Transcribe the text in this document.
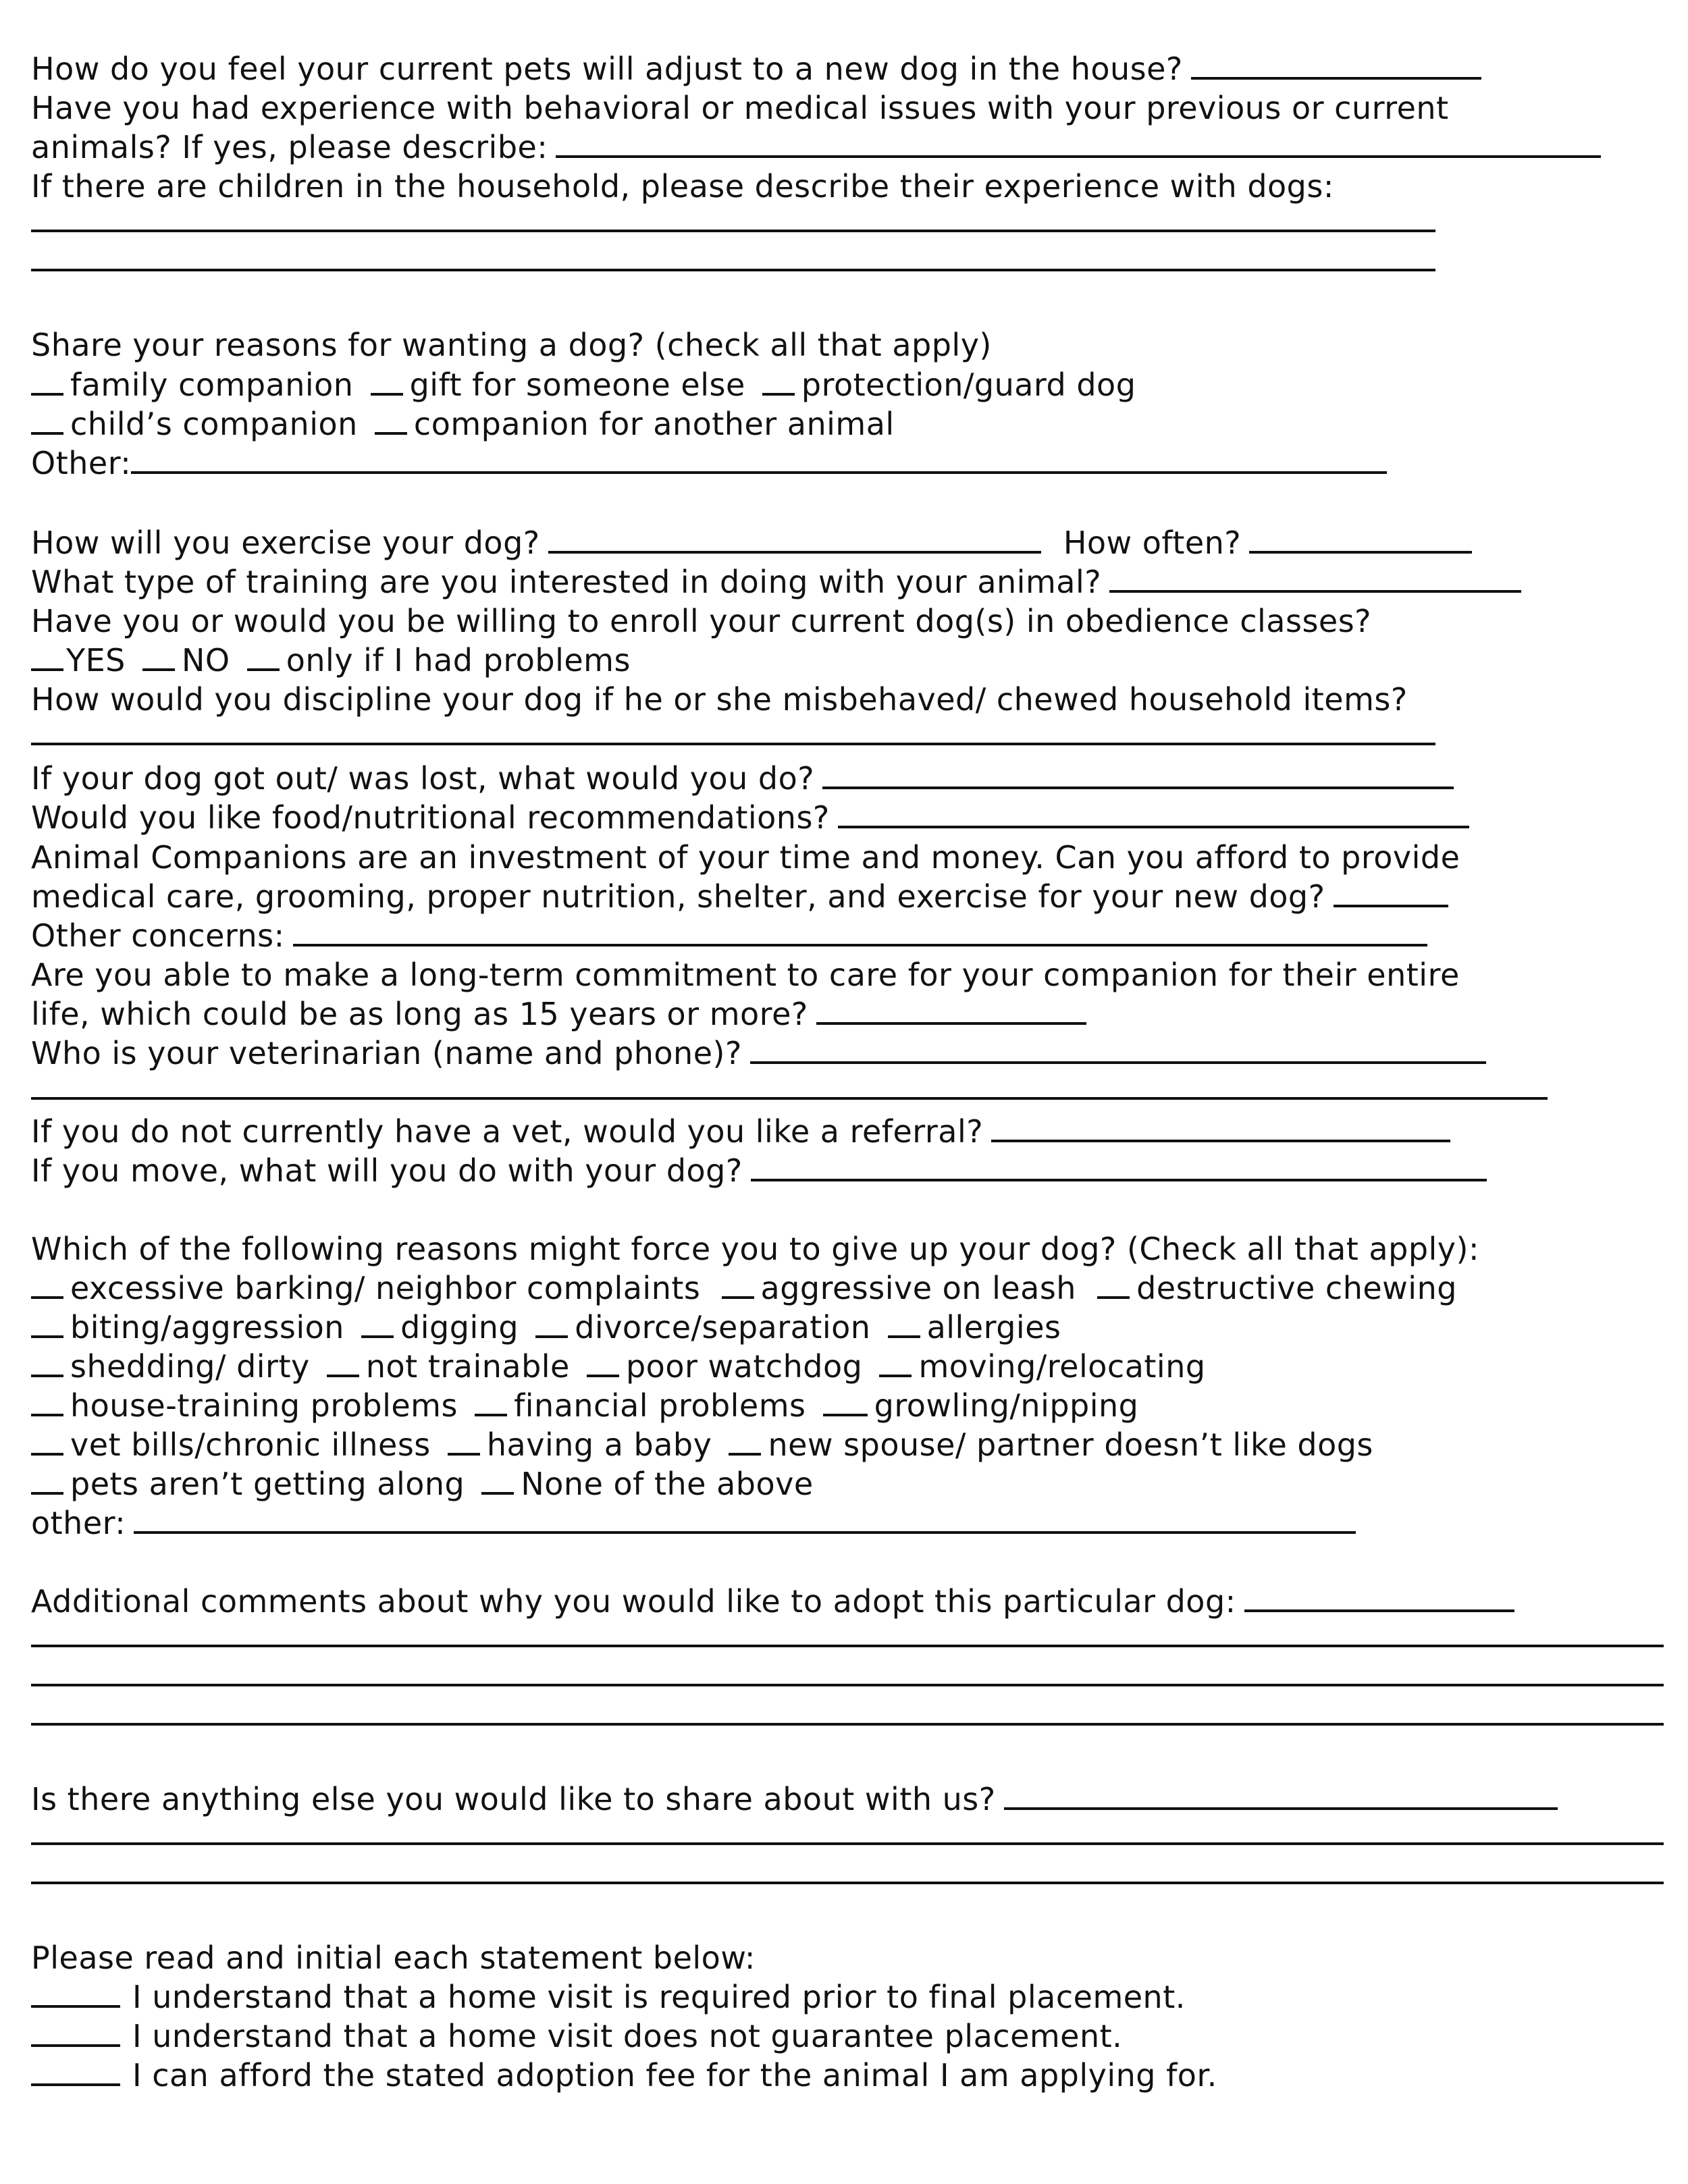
How do you feel your current pets will adjust to a new dog in the house?
Have you had experience with behavioral or medical issues with your previous or current
animals? If yes, please describe:
If there are children in the household, please describe their experience with dogs:
Share your reasons for wanting a dog? (check all that apply)
family companion gift for someone else protection/guard dog
child’s companion companion for another animal
Other:
How will you exercise your dog?	How often?
What type of training are you interested in doing with your animal?
Have you or would you be willing to enroll your current dog(s) in obedience classes?
YES NO only if I had problems
How would you discipline your dog if he or she misbehaved/ chewed household items?
If your dog got out/ was lost, what would you do?
Would you like food/nutritional recommendations?
Animal Companions are an investment of your time and money. Can you afford to provide
medical care, grooming, proper nutrition, shelter, and exercise for your new dog?
Other concerns:
Are you able to make a long-term commitment to care for your companion for their entire
life, which could be as long as 15 years or more?
Who is your veterinarian (name and phone)?
If you do not currently have a vet, would you like a referral?
If you move, what will you do with your dog?
Which of the following reasons might force you to give up your dog? (Check all that apply):
excessive barking/ neighbor complaints aggressive on leash destructive chewing
biting/aggression digging divorce/separation allergies
shedding/ dirty not trainable poor watchdog moving/relocating
house-training problems financial problems growling/nipping
vet bills/chronic illness having a baby new spouse/ partner doesn’t like dogs
pets aren’t getting along None of the above
other:
Additional comments about why you would like to adopt this particular dog:
Is there anything else you would like to share about with us?
Please read and initial each statement below:
I understand that a home visit is required prior to final placement.
I understand that a home visit does not guarantee placement.
I can afford the stated adoption fee for the animal I am applying for.
